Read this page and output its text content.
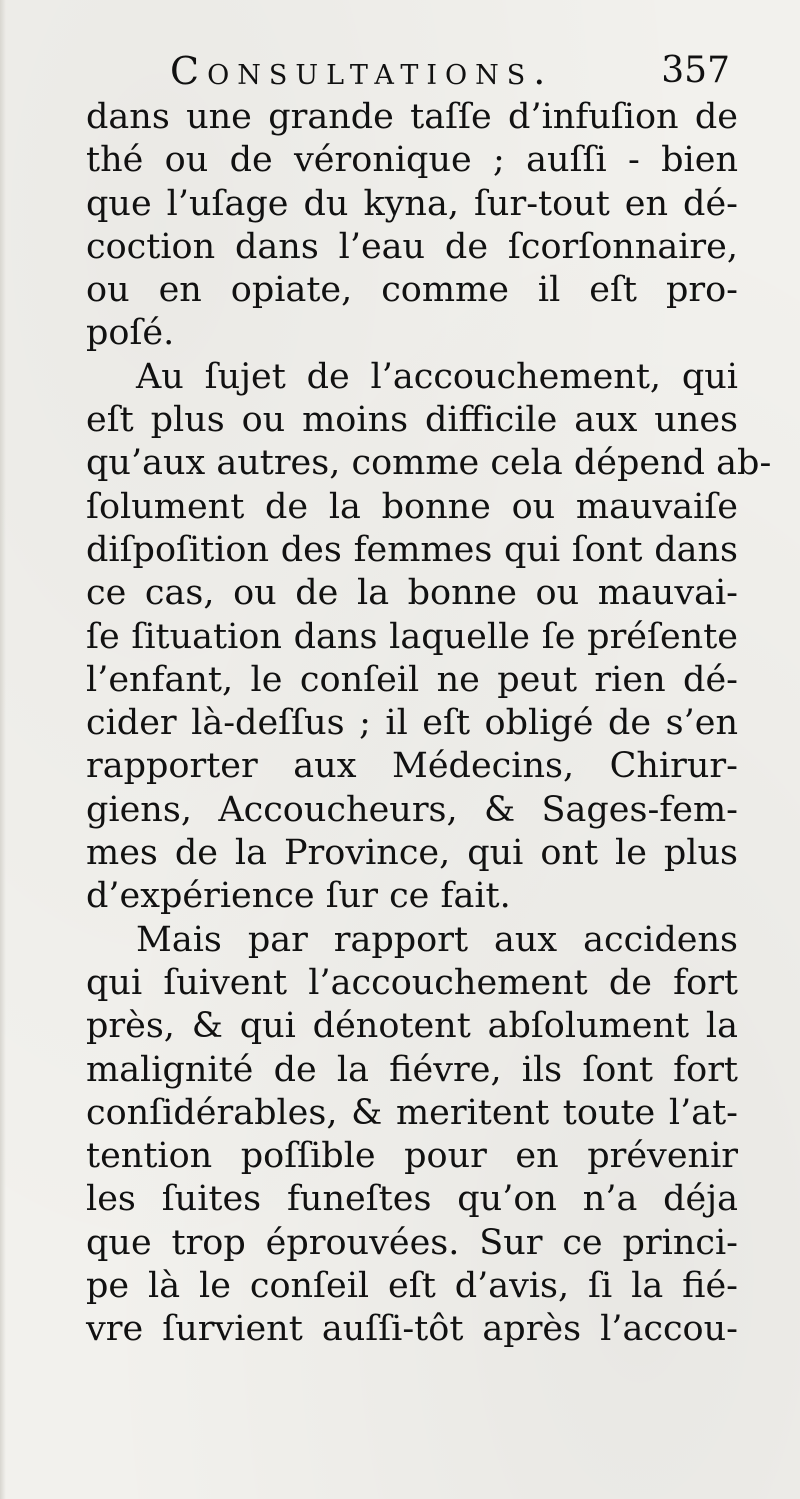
Consultations.	357
dans une grande taſſe d’infuſion de
thé ou de véronique ; auſſi - bien
que l’uſage du kyna, ſur-tout en dé-
coction dans l’eau de ſcorſonnaire,
ou en opiate, comme il eſt pro-
poſé.
Au ſujet de l’accouchement, qui
eſt plus ou moins difficile aux unes
qu’aux autres, comme cela dépend ab-
ſolument de la bonne ou mauvaiſe
diſpoſition des femmes qui ſont dans
ce cas, ou de la bonne ou mauvai-
ſe ſituation dans laquelle ſe préſente
l’enfant, le conſeil ne peut rien dé-
cider là-deſſus ; il eſt obligé de s’en
rapporter aux Médecins, Chirur-
giens, Accoucheurs, & Sages-fem-
mes de la Province, qui ont le plus
d’expérience ſur ce fait.
Mais par rapport aux accidens
qui ſuivent l’accouchement de fort
près, & qui dénotent abſolument la
malignité de la fiévre, ils ſont fort
conſidérables, & meritent toute l’at-
tention poſſible pour en prévenir
les ſuites funeſtes qu’on n’a déja
que trop éprouvées. Sur ce princi-
pe là le conſeil eſt d’avis, ſi la fié-
vre ſurvient auſſi-tôt après l’accou-
